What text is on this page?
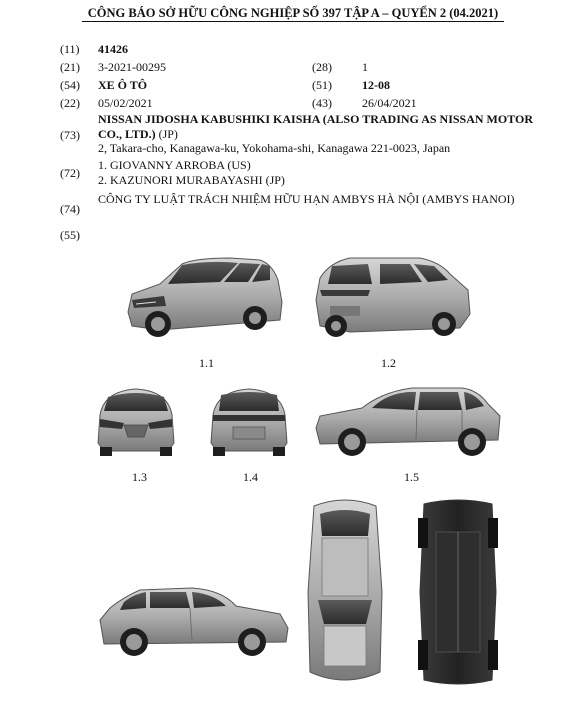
CÔNG BÁO SỞ HỮU CÔNG NGHIỆP SỐ 397 TẬP A – QUYỂN 2 (04.2021)
(11) 41426
(21) 3-2021-00295	(28)	1
(54) XE Ô TÔ	(51)	12-08
(22) 05/02/2021	(43)	26/04/2021
(73)
NISSAN JIDOSHA KABUSHIKI KAISHA (ALSO TRADING AS NISSAN MOTOR CO., LTD.) (JP)
2, Takara-cho, Kanagawa-ku, Yokohama-shi, Kanagawa 221-0023, Japan
(72)
1. GIOVANNY ARROBA (US)
2. KAZUNORI MURABAYASHI (JP)
(74)
CÔNG TY LUẬT TRÁCH NHIỆM HỮU HẠN AMBYS HÀ NỘI (AMBYS HANOI)
(55)
1.1	1.2
1.3	1.4	1.5
